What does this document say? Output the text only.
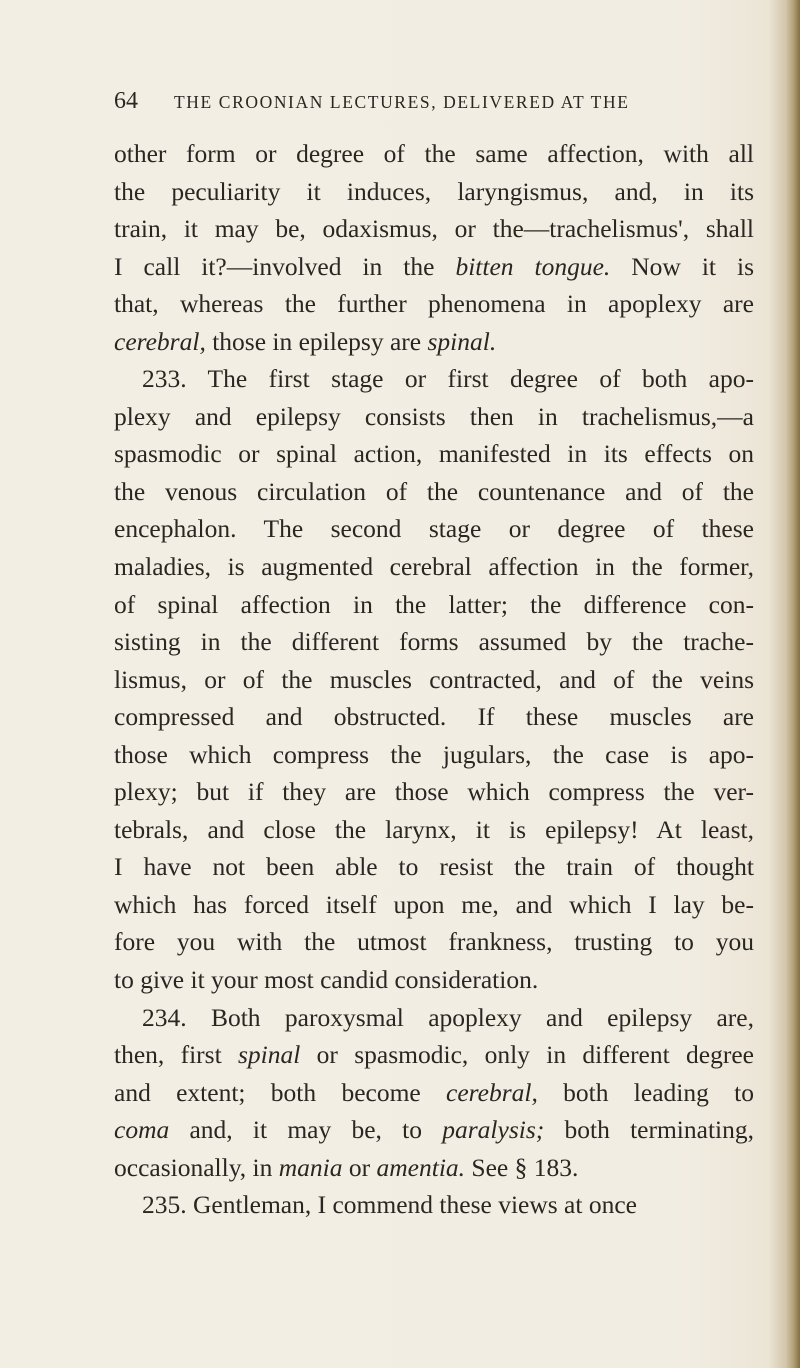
64 THE CROONIAN LECTURES, DELIVERED AT THE
other form or degree of the same affection, with all
the peculiarity it induces, laryngismus, and, in its
train, it may be, odaxismus, or the—trachelismus', shall
I call it?—involved in the bitten tongue. Now it is
that, whereas the further phenomena in apoplexy are
cerebral, those in epilepsy are spinal.
233. The first stage or first degree of both apo-
plexy and epilepsy consists then in trachelismus,—a
spasmodic or spinal action, manifested in its effects on
the venous circulation of the countenance and of the
encephalon. The second stage or degree of these
maladies, is augmented cerebral affection in the former,
of spinal affection in the latter; the difference con-
sisting in the different forms assumed by the trache-
lismus, or of the muscles contracted, and of the veins
compressed and obstructed. If these muscles are
those which compress the jugulars, the case is apo-
plexy; but if they are those which compress the ver-
tebrals, and close the larynx, it is epilepsy! At least,
I have not been able to resist the train of thought
which has forced itself upon me, and which I lay be-
fore you with the utmost frankness, trusting to you
to give it your most candid consideration.
234. Both paroxysmal apoplexy and epilepsy are,
then, first spinal or spasmodic, only in different degree
and extent; both become cerebral, both leading to
coma and, it may be, to paralysis; both terminating,
occasionally, in mania or amentia. See § 183.
235. Gentleman, I commend these views at once
